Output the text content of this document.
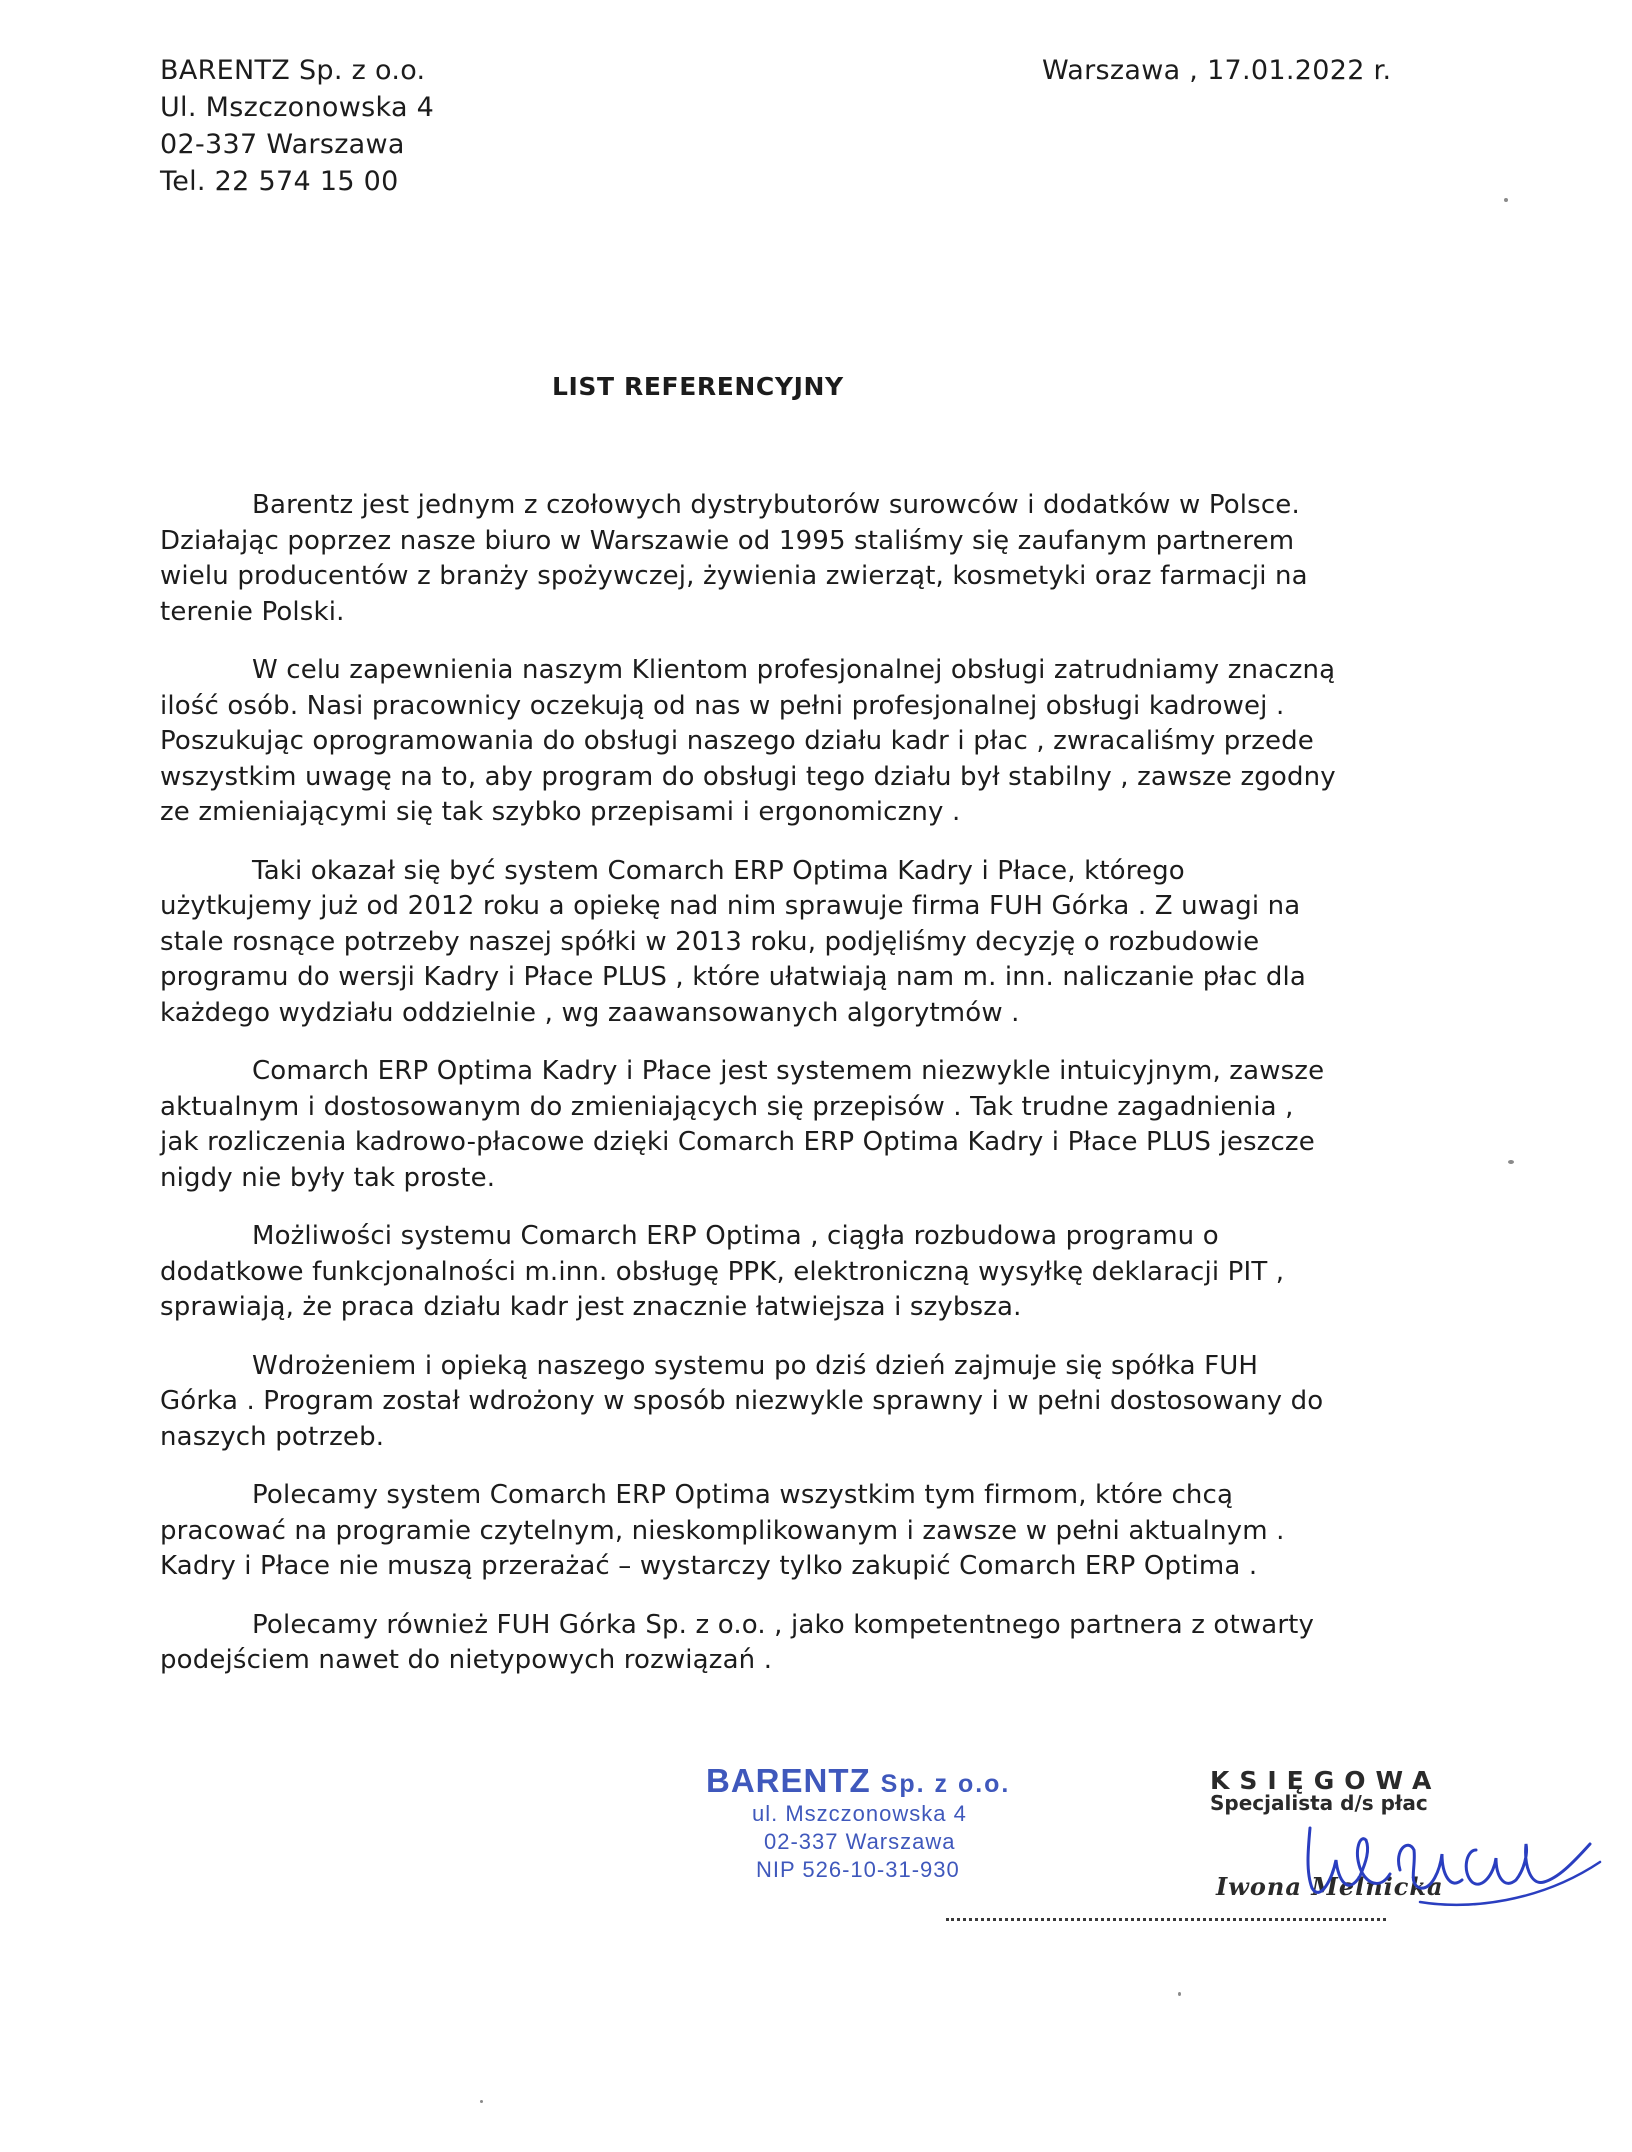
BARENTZ Sp. z o.o.
Ul. Mszczonowska 4
02-337 Warszawa
Tel. 22 574 15 00
Warszawa , 17.01.2022 r.
LIST REFERENCYJNY
Barentz jest jednym z czołowych dystrybutorów surowców i dodatków w Polsce.
Działając poprzez nasze biuro w Warszawie od 1995 staliśmy się zaufanym partnerem
wielu producentów z branży spożywczej, żywienia zwierząt, kosmetyki oraz farmacji na
terenie Polski.
W celu zapewnienia naszym Klientom profesjonalnej obsługi zatrudniamy znaczną
ilość osób. Nasi pracownicy oczekują od nas w pełni profesjonalnej obsługi kadrowej .
Poszukując oprogramowania do obsługi naszego działu kadr i płac , zwracaliśmy przede
wszystkim uwagę na to, aby program do obsługi tego działu był stabilny , zawsze zgodny
ze zmieniającymi się tak szybko przepisami i ergonomiczny .
Taki okazał się być system Comarch ERP Optima Kadry i Płace, którego
użytkujemy już od 2012 roku a opiekę nad nim sprawuje firma FUH Górka . Z uwagi na
stale rosnące potrzeby naszej spółki w 2013 roku, podjęliśmy decyzję o rozbudowie
programu do wersji Kadry i Płace PLUS , które ułatwiają nam m. inn. naliczanie płac dla
każdego wydziału oddzielnie , wg zaawansowanych algorytmów .
Comarch ERP Optima Kadry i Płace jest systemem niezwykle intuicyjnym, zawsze
aktualnym i dostosowanym do zmieniających się przepisów . Tak trudne zagadnienia ,
jak rozliczenia kadrowo-płacowe dzięki Comarch ERP Optima Kadry i Płace PLUS jeszcze
nigdy nie były tak proste.
Możliwości systemu Comarch ERP Optima , ciągła rozbudowa programu o
dodatkowe funkcjonalności m.inn. obsługę PPK, elektroniczną wysyłkę deklaracji PIT ,
sprawiają, że praca działu kadr jest znacznie łatwiejsza i szybsza.
Wdrożeniem i opieką naszego systemu po dziś dzień zajmuje się spółka FUH
Górka . Program został wdrożony w sposób niezwykle sprawny i w pełni dostosowany do
naszych potrzeb.
Polecamy system Comarch ERP Optima wszystkim tym firmom, które chcą
pracować na programie czytelnym, nieskomplikowanym i zawsze w pełni aktualnym .
Kadry i Płace nie muszą przerażać – wystarczy tylko zakupić Comarch ERP Optima .
Polecamy również FUH Górka Sp. z o.o. , jako kompetentnego partnera z otwarty
podejściem nawet do nietypowych rozwiązań .
BARENTZ Sp. z o.o.
ul. Mszczonowska 4
02-337 Warszawa
NIP 526-10-31-930
KSIĘGOWA
Specjalista d/s płac
Iwona Melnicka
